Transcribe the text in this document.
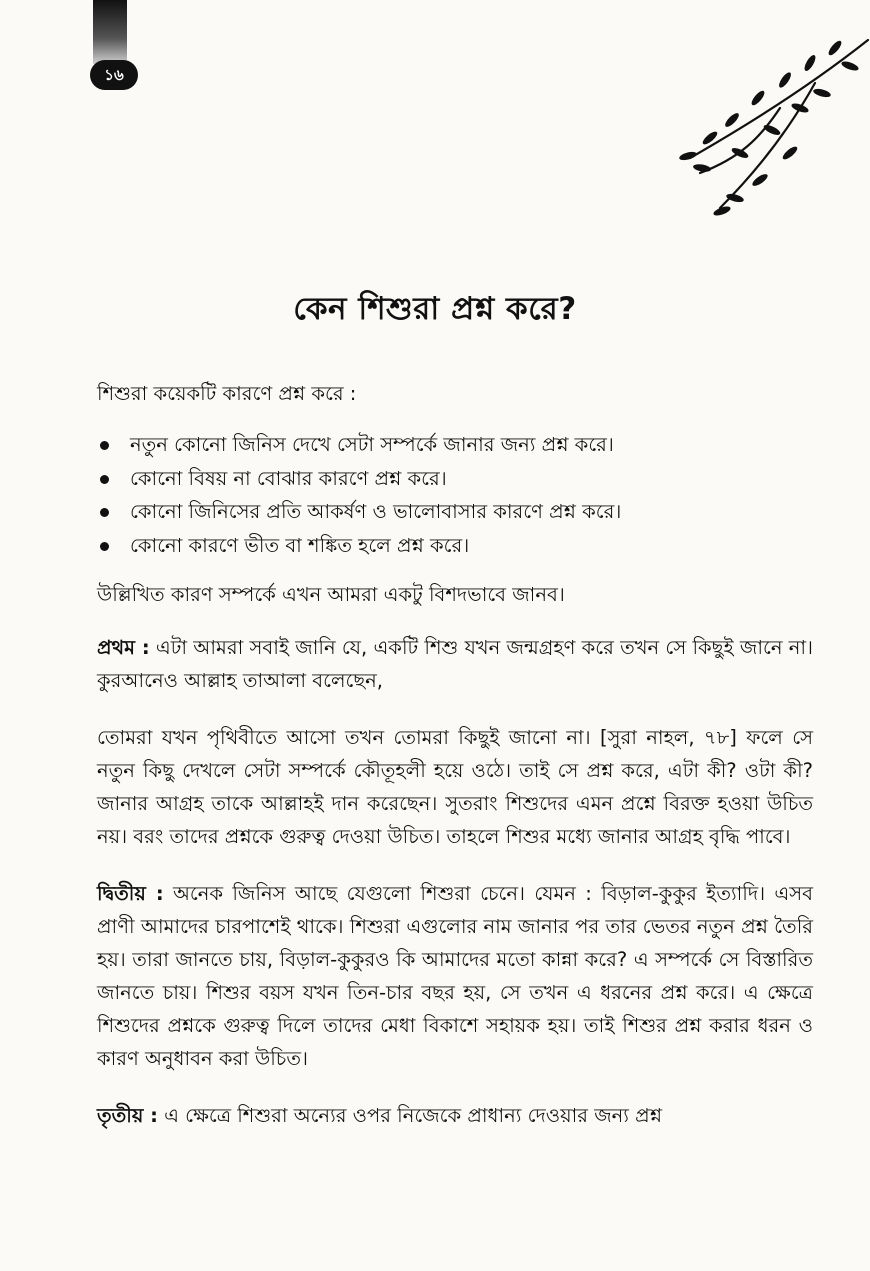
১৬
কেন শিশুরা প্রশ্ন করে?

শিশুরা কয়েকটি কারণে প্রশ্ন করে :

নতুন কোনো জিনিস দেখে সেটা সম্পর্কে জানার জন্য প্রশ্ন করে।
কোনো বিষয় না বোঝার কারণে প্রশ্ন করে।
কোনো জিনিসের প্রতি আকর্ষণ ও ভালোবাসার কারণে প্রশ্ন করে।
কোনো কারণে ভীত বা শঙ্কিত হলে প্রশ্ন করে।

উল্লিখিত কারণ সম্পর্কে এখন আমরা একটু বিশদভাবে জানব।

প্রথম : এটা আমরা সবাই জানি যে, একটি শিশু যখন জন্মগ্রহণ করে তখন সে কিছুই জানে না। কুরআনেও আল্লাহ তাআলা বলেছেন,

তোমরা যখন পৃথিবীতে আসো তখন তোমরা কিছুই জানো না। [সুরা নাহল, ৭৮] ফলে সে নতুন কিছু দেখলে সেটা সম্পর্কে কৌতূহলী হয়ে ওঠে। তাই সে প্রশ্ন করে, এটা কী? ওটা কী? জানার আগ্রহ তাকে আল্লাহই দান করেছেন। সুতরাং শিশুদের এমন প্রশ্নে বিরক্ত হওয়া উচিত নয়। বরং তাদের প্রশ্নকে গুরুত্ব দেওয়া উচিত। তাহলে শিশুর মধ্যে জানার আগ্রহ বৃদ্ধি পাবে।

দ্বিতীয় : অনেক জিনিস আছে যেগুলো শিশুরা চেনে। যেমন : বিড়াল-কুকুর ইত্যাদি। এসব প্রাণী আমাদের চারপাশেই থাকে। শিশুরা এগুলোর নাম জানার পর তার ভেতর নতুন প্রশ্ন তৈরি হয়। তারা জানতে চায়, বিড়াল-কুকুরও কি আমাদের মতো কান্না করে? এ সম্পর্কে সে বিস্তারিত জানতে চায়। শিশুর বয়স যখন তিন-চার বছর হয়, সে তখন এ ধরনের প্রশ্ন করে। এ ক্ষেত্রে শিশুদের প্রশ্নকে গুরুত্ব দিলে তাদের মেধা বিকাশে সহায়ক হয়। তাই শিশুর প্রশ্ন করার ধরন ও কারণ অনুধাবন করা উচিত।

তৃতীয় : এ ক্ষেত্রে শিশুরা অন্যের ওপর নিজেকে প্রাধান্য দেওয়ার জন্য প্রশ্ন
